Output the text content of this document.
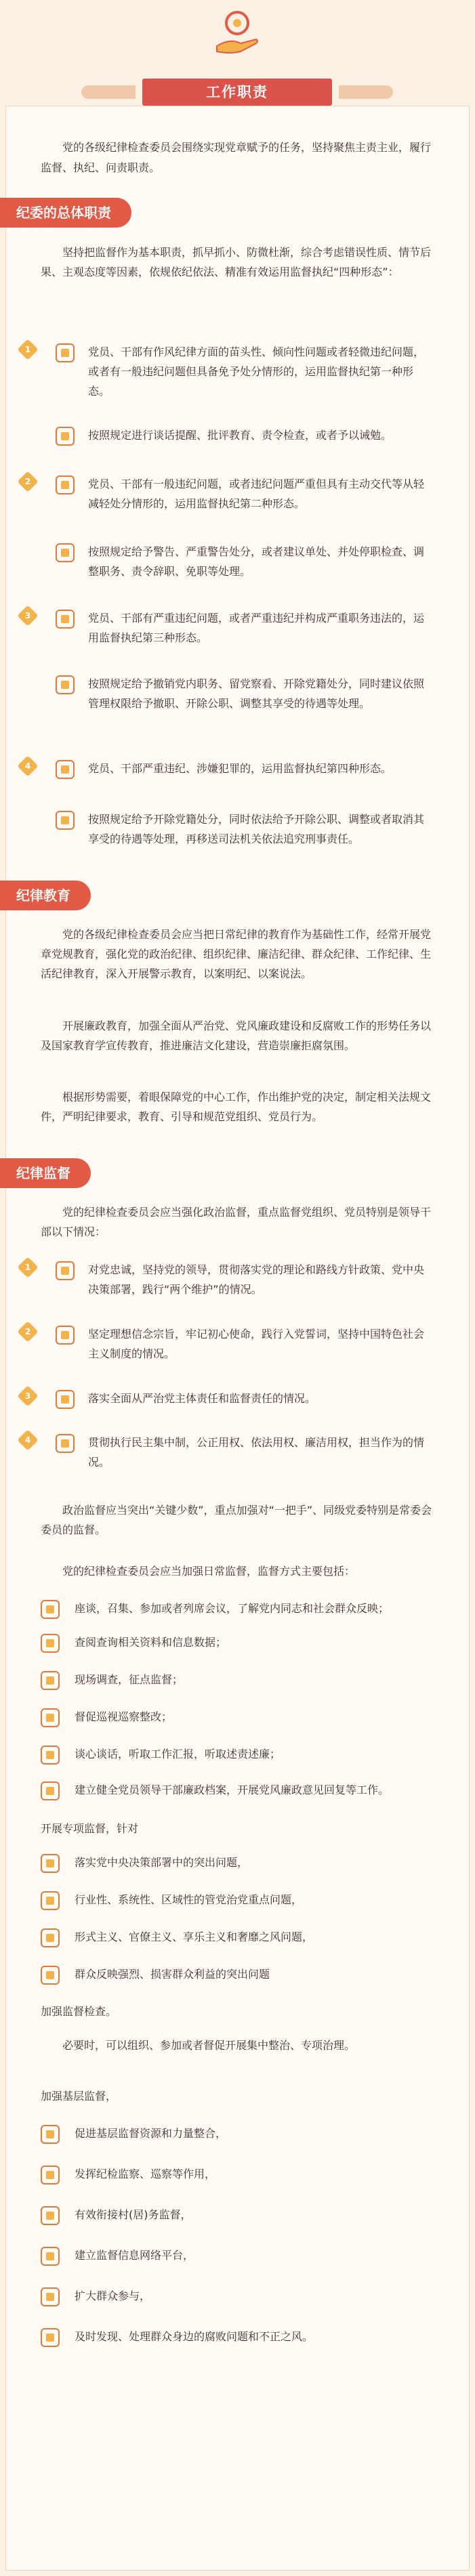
工作职责
党的各级纪律检查委员会围绕实现党章赋予的任务，坚持聚焦主责主业，履行监督、执纪、问责职责。
纪委的总体职责
坚持把监督作为基本职责，抓早抓小、防微杜渐，综合考虑错误性质、情节后果、主观态度等因素，依规依纪依法、精准有效运用监督执纪“四种形态”：
1	党员、干部有作风纪律方面的苗头性、倾向性问题或者轻微违纪问题，或者有一般违纪问题但具备免予处分情形的，运用监督执纪第一种形态。
按照规定进行谈话提醒、批评教育、责令检查，或者予以诫勉。
2	党员、干部有一般违纪问题，或者违纪问题严重但具有主动交代等从轻减轻处分情形的，运用监督执纪第二种形态。
按照规定给予警告、严重警告处分，或者建议单处、并处停职检查、调整职务、责令辞职、免职等处理。
3	党员、干部有严重违纪问题，或者严重违纪并构成严重职务违法的，运用监督执纪第三种形态。
按照规定给予撤销党内职务、留党察看、开除党籍处分，同时建议依照管理权限给予撤职、开除公职、调整其享受的待遇等处理。
4	党员、干部严重违纪、涉嫌犯罪的，运用监督执纪第四种形态。
按照规定给予开除党籍处分，同时依法给予开除公职、调整或者取消其享受的待遇等处理，再移送司法机关依法追究刑事责任。
纪律教育
党的各级纪律检查委员会应当把日常纪律的教育作为基础性工作，经常开展党章党规教育，强化党的政治纪律、组织纪律、廉洁纪律、群众纪律、工作纪律、生活纪律教育，深入开展警示教育，以案明纪、以案说法。
开展廉政教育，加强全面从严治党、党风廉政建设和反腐败工作的形势任务以及国家教育学宣传教育，推进廉洁文化建设，营造崇廉拒腐氛围。
根据形势需要，着眼保障党的中心工作，作出维护党的决定，制定相关法规文件，严明纪律要求，教育、引导和规范党组织、党员行为。
纪律监督
党的纪律检查委员会应当强化政治监督，重点监督党组织、党员特别是领导干部以下情况：
1	对党忠诚，坚持党的领导，贯彻落实党的理论和路线方针政策、党中央决策部署，践行“两个维护”的情况。
2	坚定理想信念宗旨，牢记初心使命，践行入党誓词，坚持中国特色社会主义制度的情况。
3	落实全面从严治党主体责任和监督责任的情况。
4	贯彻执行民主集中制，公正用权、依法用权、廉洁用权，担当作为的情况。
政治监督应当突出“关键少数”，重点加强对“一把手”、同级党委特别是常委会委员的监督。
党的纪律检查委员会应当加强日常监督，监督方式主要包括：
座谈，召集、参加或者列席会议，了解党内同志和社会群众反映；
查阅查询相关资料和信息数据；
现场调查，征点监督；
督促巡视巡察整改；
谈心谈话，听取工作汇报，听取述责述廉；
建立健全党员领导干部廉政档案，开展党风廉政意见回复等工作。
开展专项监督，针对
落实党中央决策部署中的突出问题，
行业性、系统性、区域性的管党治党重点问题，
形式主义、官僚主义、享乐主义和奢靡之风问题，
群众反映强烈、损害群众利益的突出问题
加强监督检查。
必要时，可以组织、参加或者督促开展集中整治、专项治理。
加强基层监督，
促进基层监督资源和力量整合，
发挥纪检监察、巡察等作用，
有效衔接村(居)务监督，
建立监督信息网络平台，
扩大群众参与，
及时发现、处理群众身边的腐败问题和不正之风。
